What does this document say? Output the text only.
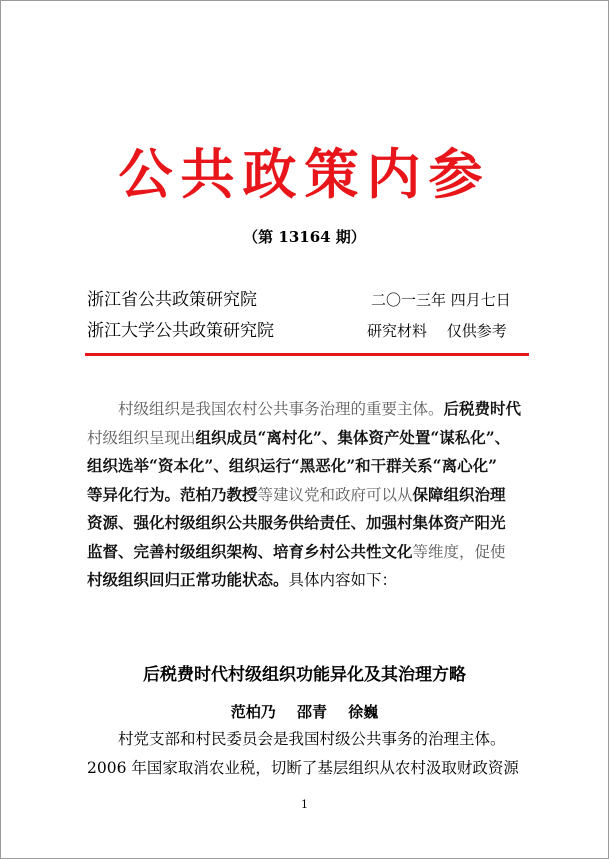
公共政策内参
（第 13164 期）
浙江省公共政策研究院	二〇一三年 四月七日
浙江大学公共政策研究院	研究材料　 仅供参考
村级组织是我国农村公共事务治理的重要主体。后税费时代
村级组织呈现出组织成员“离村化”、集体资产处置“谋私化”、
组织选举“资本化”、组织运行“黑恶化”和干群关系“离心化”
等异化行为。范柏乃教授等建议党和政府可以从保障组织治理
资源、强化村级组织公共服务供给责任、加强村集体资产阳光
监督、完善村级组织架构、培育乡村公共性文化等维度，促使
村级组织回归正常功能状态。具体内容如下：
后税费时代村级组织功能异化及其治理方略
范柏乃 邵青 徐巍
村党支部和村民委员会是我国村级公共事务的治理主体。
2006 年国家取消农业税，切断了基层组织从农村汲取财政资源
1
